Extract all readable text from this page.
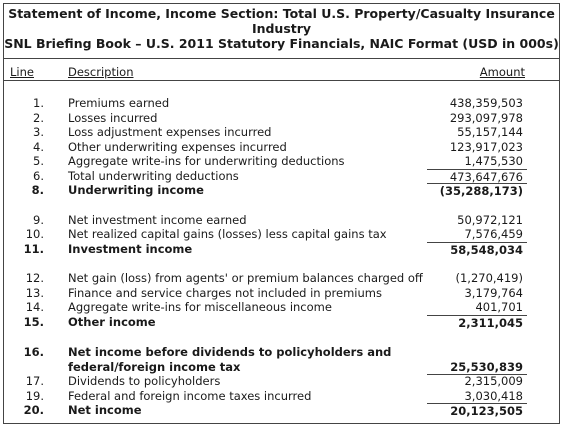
Statement of Income, Income Section: Total U.S. Property/Casualty Insurance
Industry
SNL Briefing Book – U.S. 2011 Statutory Financials, NAIC Format (USD in 000s)
Line	Description	Amount
1. Premiums earned	438,359,503
2. Losses incurred	293,097,978
3. Loss adjustment expenses incurred	55,157,144
4. Other underwriting expenses incurred	123,917,023
5. Aggregate write-ins for underwriting deductions	1,475,530
6. Total underwriting deductions	473,647,676
8. Underwriting income	(35,288,173)
9. Net investment income earned	50,972,121
10. Net realized capital gains (losses) less capital gains tax	7,576,459
11. Investment income	58,548,034
12. Net gain (loss) from agents' or premium balances charged off	(1,270,419)
13. Finance and service charges not included in premiums	3,179,764
14. Aggregate write-ins for miscellaneous income	401,701
15. Other income	2,311,045
16. Net income before dividends to policyholders and federal/foreign income tax	25,530,839
17. Dividends to policyholders	2,315,009
19. Federal and foreign income taxes incurred	3,030,418
20. Net income	20,123,505
